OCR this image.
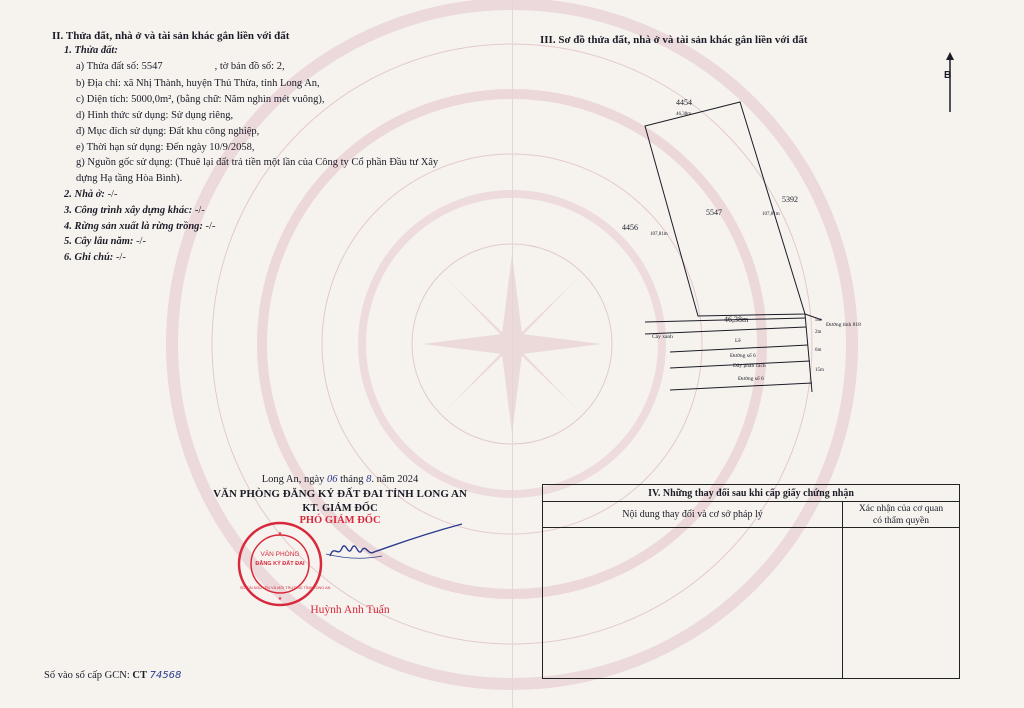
II. Thửa đất, nhà ở và tài sản khác gắn liền với đất
1. Thửa đất:
a) Thửa đất số: 5547	, tờ bản đồ số: 2,
b) Địa chỉ: xã Nhị Thành, huyện Thủ Thừa, tỉnh Long An,
c) Diện tích: 5000,0m², (bằng chữ: Năm nghìn mét vuông),
d) Hình thức sử dụng: Sử dụng riêng,
đ) Mục đích sử dụng: Đất khu công nghiệp,
e) Thời hạn sử dụng: Đến ngày 10/9/2058,
g) Nguồn gốc sử dụng: (Thuê lại đất trả tiền một lần của Công ty Cổ phần Đầu tư Xây
dựng Hạ tầng Hòa Bình).
2. Nhà ở: -/-
3. Công trình xây dựng khác: -/-
4. Rừng sản xuất là rừng trồng: -/-
5. Cây lâu năm: -/-
6. Ghi chú: -/-
Long An, ngày 06 tháng 8. năm 2024
VĂN PHÒNG ĐĂNG KÝ ĐẤT ĐAI TỈNH LONG AN
KT. GIÁM ĐỐC
PHÓ GIÁM ĐỐC
★
★
VĂN PHÒNG
ĐĂNG KÝ ĐẤT ĐAI
SỞ TÀI NGUYÊN VÀ MÔI TRƯỜNG TỈNH LONG AN
Huỳnh Anh Tuấn
Số vào sổ cấp GCN: CT 74568
III. Sơ đồ thửa đất, nhà ở và tài sản khác gắn liền với đất
B
4454
46,38m
5547
4456
107,81m
5392
107,81m
46,38m
Đường tỉnh 818
Cây xanh
Lề
Đường số 6
Dãy phân cách
Đường số 6
5m
2m
6m
15m
IV. Những thay đổi sau khi cấp giấy chứng nhận
Nội dung thay đổi và cơ sở pháp lý	Xác nhận của cơ quan
có thẩm quyền
